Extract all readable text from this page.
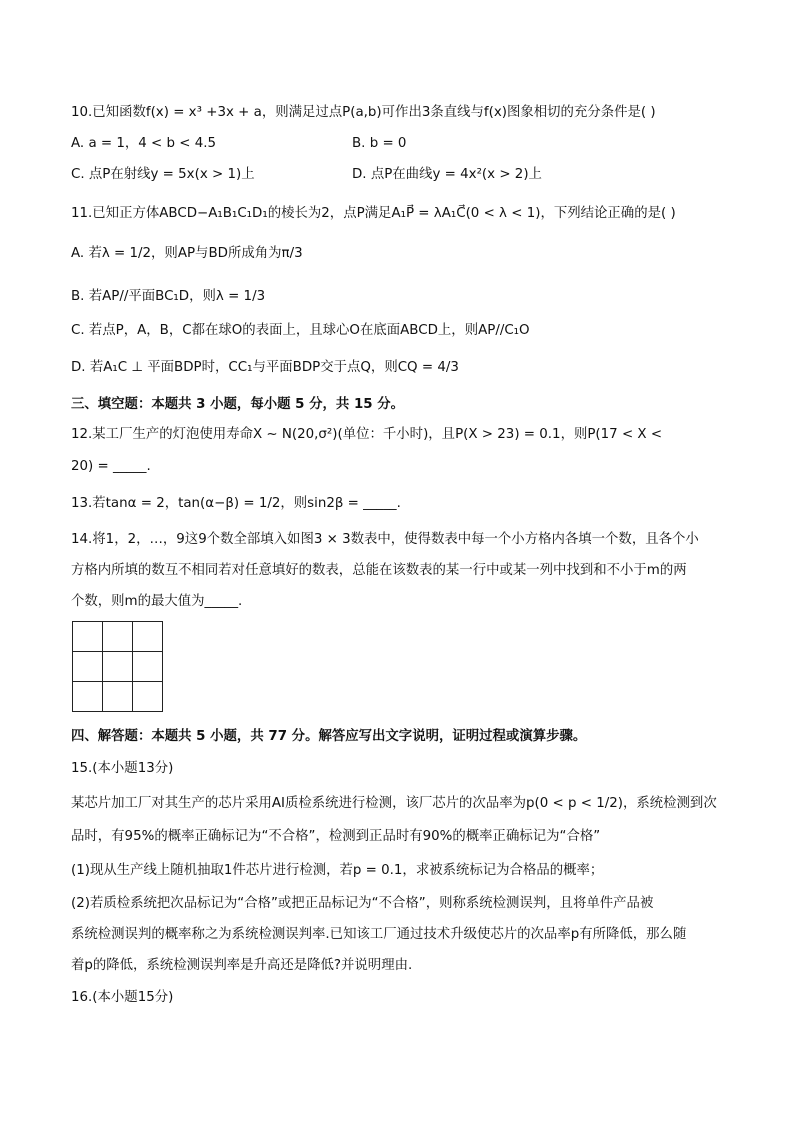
10.已知函数f(x) = x³ +3x + a，则满足过点P(a,b)可作出3条直线与f(x)图象相切的充分条件是( )
A. a = 1，4 < b < 4.5	B. b = 0
C. 点P在射线y = 5x(x > 1)上	D. 点P在曲线y = 4x²(x > 2)上
11.已知正方体ABCD−A₁B₁C₁D₁的棱长为2，点P满足A₁P⃗ = λA₁C⃗(0 < λ < 1)，下列结论正确的是( )
A. 若λ = 1/2，则AP与BD所成角为π/3
B. 若AP//平面BC₁D，则λ = 1/3
C. 若点P，A，B，C都在球O的表面上，且球心O在底面ABCD上，则AP//C₁O
D. 若A₁C ⊥ 平面BDP时，CC₁与平面BDP交于点Q，则CQ = 4/3
三、填空题：本题共 3 小题，每小题 5 分，共 15 分。
12.某工厂生产的灯泡使用寿命X ~ N(20,σ²)(单位：千小时)，且P(X > 23) = 0.1，则P(17 < X <
20) = _____.
13.若tanα = 2，tan(α−β) = 1/2，则sin2β = _____.
14.将1，2，…，9这9个数全部填入如图3 × 3数表中，使得数表中每一个小方格内各填一个数，且各个小
方格内所填的数互不相同若对任意填好的数表，总能在该数表的某一行中或某一列中找到和不小于m的两
个数，则m的最大值为_____.

四、解答题：本题共 5 小题，共 77 分。解答应写出文字说明，证明过程或演算步骤。
15.(本小题13分)
某芯片加工厂对其生产的芯片采用AI质检系统进行检测，该厂芯片的次品率为p(0 < p < 1/2)，系统检测到次
品时，有95%的概率正确标记为“不合格”，检测到正品时有90%的概率正确标记为“合格”
(1)现从生产线上随机抽取1件芯片进行检测，若p = 0.1，求被系统标记为合格品的概率；
(2)若质检系统把次品标记为“合格”或把正品标记为“不合格”，则称系统检测误判，且将单件产品被
系统检测误判的概率称之为系统检测误判率.已知该工厂通过技术升级使芯片的次品率p有所降低，那么随
着p的降低，系统检测误判率是升高还是降低?并说明理由.
16.(本小题15分)
